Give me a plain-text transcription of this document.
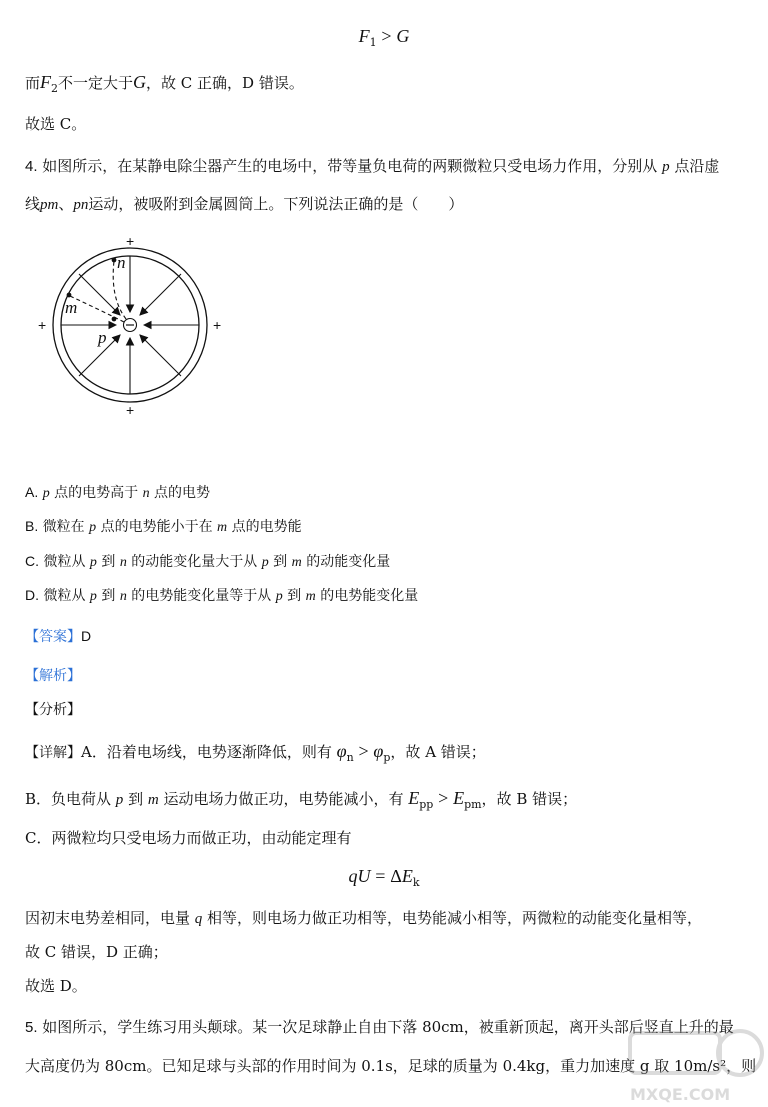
$F_1 > G$
而$F_2$不一定大于G，故 C 正确，D 错误。
故选 C。
4. 如图所示，在某静电除尘器产生的电场中，带等量负电荷的两颗微粒只受电场力作用，分别从 p 点沿虚
线pm、pn运动，被吸附到金属圆筒上。下列说法正确的是（　　）
n
m
p
+
+
+	+
A. p 点的电势高于 n 点的电势
B. 微粒在 p 点的电势能小于在 m 点的电势能
C. 微粒从 p 到 n 的动能变化量大于从 p 到 m 的动能变化量
D. 微粒从 p 到 n 的电势能变化量等于从 p 到 m 的电势能变化量
【答案】D
【解析】
【分析】
【详解】A．沿着电场线，电势逐渐降低，则有 $\varphi_n > \varphi_p$，故 A 错误；
B．负电荷从 p 到 m 运动电场力做正功，电势能减小，有 $E_{pp} > E_{pm}$，故 B 错误；
C．两微粒均只受电场力而做正功，由动能定理有
qU = $\Delta E_k$
因初末电势差相同，电量 q 相等，则电场力做正功相等，电势能减小相等，两微粒的动能变化量相等，
故 C 错误，D 正确；
故选 D。
5. 如图所示，学生练习用头颠球。某一次足球静止自由下落 80cm，被重新顶起，离开头部后竖直上升的最
大高度仍为 80cm。已知足球与头部的作用时间为 0.1s，足球的质量为 0.4kg，重力加速度 g 取 10m/s²，则
MXQE.COM
